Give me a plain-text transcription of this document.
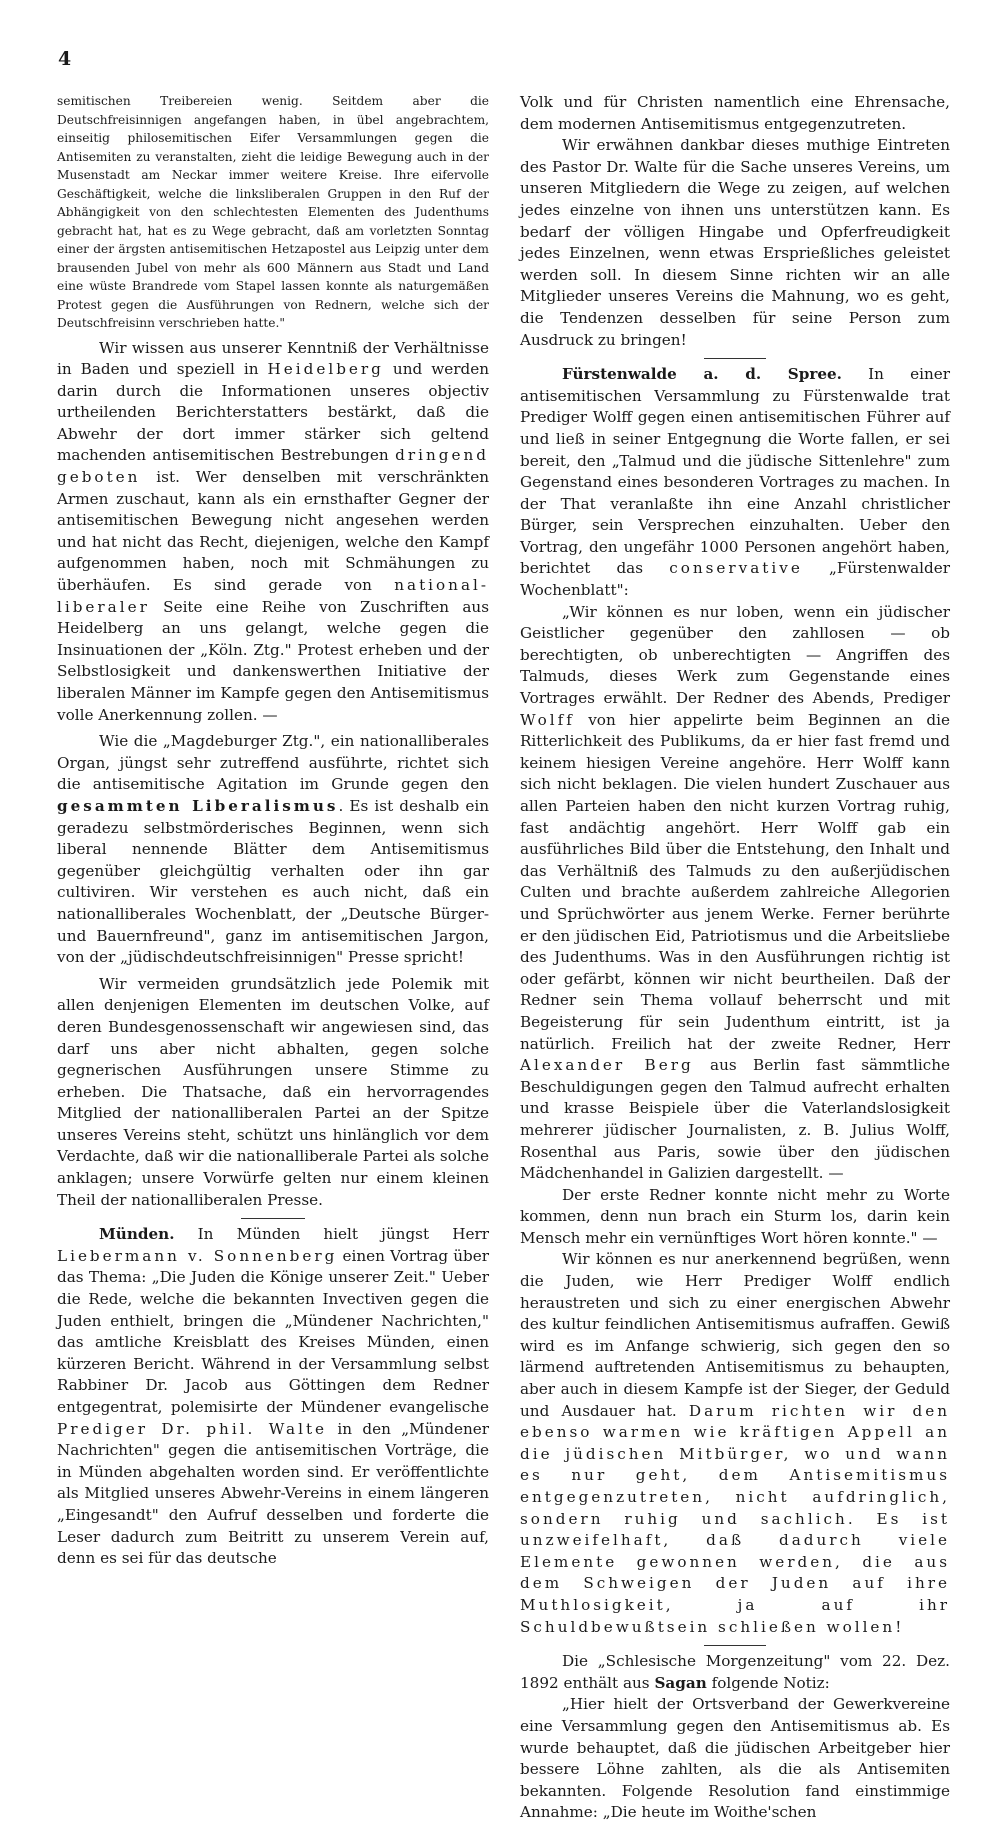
4

semitischen Treibereien wenig. Seitdem aber die Deutschfreisinnigen angefangen haben, in übel angebrachtem, einseitig philosemitischen Eifer Versammlungen gegen die Antisemiten zu veranstalten, zieht die leidige Bewegung auch in der Musenstadt am Neckar immer weitere Kreise. Ihre eifervolle Geschäftigkeit, welche die linksliberalen Gruppen in den Ruf der Abhängigkeit von den schlechtesten Elementen des Judenthums gebracht hat, hat es zu Wege gebracht, daß am vorletzten Sonntag einer der ärgsten antisemitischen Hetzapostel aus Leipzig unter dem brausenden Jubel von mehr als 600 Männern aus Stadt und Land eine wüste Brandrede vom Stapel lassen konnte als naturgemäßen Protest gegen die Ausführungen von Rednern, welche sich der Deutschfreisinn verschrieben hatte."

Wir wissen aus unserer Kenntniß der Verhältnisse in Baden und speziell in Heidelberg und werden darin durch die Informationen unseres objectiv urtheilenden Berichterstatters bestärkt, daß die Abwehr der dort immer stärker sich geltend machenden antisemitischen Bestrebungen dringend geboten ist. Wer denselben mit verschränkten Armen zuschaut, kann als ein ernsthafter Gegner der antisemitischen Bewegung nicht angesehen werden und hat nicht das Recht, diejenigen, welche den Kampf aufgenommen haben, noch mit Schmähungen zu überhäufen. Es sind gerade von national-liberaler Seite eine Reihe von Zuschriften aus Heidelberg an uns gelangt, welche gegen die Insinuationen der „Köln. Ztg." Protest erheben und der Selbstlosigkeit und dankenswerthen Initiative der liberalen Männer im Kampfe gegen den Antisemitismus volle Anerkennung zollen. —

Wie die „Magdeburger Ztg.", ein nationalliberales Organ, jüngst sehr zutreffend ausführte, richtet sich die antisemitische Agitation im Grunde gegen den gesammten Liberalismus. Es ist deshalb ein geradezu selbstmörderisches Beginnen, wenn sich liberal nennende Blätter dem Antisemitismus gegenüber gleichgültig verhalten oder ihn gar cultiviren. Wir verstehen es auch nicht, daß ein nationalliberales Wochenblatt, der „Deutsche Bürger- und Bauernfreund", ganz im antisemitischen Jargon, von der „jüdischdeutschfreisinnigen" Presse spricht!

Wir vermeiden grundsätzlich jede Polemik mit allen denjenigen Elementen im deutschen Volke, auf deren Bundesgenossenschaft wir angewiesen sind, das darf uns aber nicht abhalten, gegen solche gegnerischen Ausführungen unsere Stimme zu erheben. Die Thatsache, daß ein hervorragendes Mitglied der nationalliberalen Partei an der Spitze unseres Vereins steht, schützt uns hinlänglich vor dem Verdachte, daß wir die nationalliberale Partei als solche anklagen; unsere Vorwürfe gelten nur einem kleinen Theil der nationalliberalen Presse.

Münden. In Münden hielt jüngst Herr Liebermann v. Sonnenberg einen Vortrag über das Thema: „Die Juden die Könige unserer Zeit." Ueber die Rede, welche die bekannten Invectiven gegen die Juden enthielt, bringen die „Mündener Nachrichten," das amtliche Kreisblatt des Kreises Münden, einen kürzeren Bericht. Während in der Versammlung selbst Rabbiner Dr. Jacob aus Göttingen dem Redner entgegentrat, polemisirte der Mündener evangelische Prediger Dr. phil. Walte in den „Mündener Nachrichten" gegen die antisemitischen Vorträge, die in Münden abgehalten worden sind. Er veröffentlichte als Mitglied unseres Abwehr-Vereins in einem längeren „Eingesandt" den Aufruf desselben und forderte die Leser dadurch zum Beitritt zu unserem Verein auf, denn es sei für das deutsche

Volk und für Christen namentlich eine Ehrensache, dem modernen Antisemitismus entgegenzutreten.

Wir erwähnen dankbar dieses muthige Eintreten des Pastor Dr. Walte für die Sache unseres Vereins, um unseren Mitgliedern die Wege zu zeigen, auf welchen jedes einzelne von ihnen uns unterstützen kann. Es bedarf der völligen Hingabe und Opferfreudigkeit jedes Einzelnen, wenn etwas Ersprießliches geleistet werden soll. In diesem Sinne richten wir an alle Mitglieder unseres Vereins die Mahnung, wo es geht, die Tendenzen desselben für seine Person zum Ausdruck zu bringen!

Fürstenwalde a. d. Spree. In einer antisemitischen Versammlung zu Fürstenwalde trat Prediger Wolff gegen einen antisemitischen Führer auf und ließ in seiner Entgegnung die Worte fallen, er sei bereit, den „Talmud und die jüdische Sittenlehre" zum Gegenstand eines besonderen Vortrages zu machen. In der That veranlaßte ihn eine Anzahl christlicher Bürger, sein Versprechen einzuhalten. Ueber den Vortrag, den ungefähr 1000 Personen angehört haben, berichtet das conservative „Fürstenwalder Wochenblatt":

„Wir können es nur loben, wenn ein jüdischer Geistlicher gegenüber den zahllosen — ob berechtigten, ob unberechtigten — Angriffen des Talmuds, dieses Werk zum Gegenstande eines Vortrages erwählt. Der Redner des Abends, Prediger Wolff von hier appelirte beim Beginnen an die Ritterlichkeit des Publikums, da er hier fast fremd und keinem hiesigen Vereine angehöre. Herr Wolff kann sich nicht beklagen. Die vielen hundert Zuschauer aus allen Parteien haben den nicht kurzen Vortrag ruhig, fast andächtig angehört. Herr Wolff gab ein ausführliches Bild über die Entstehung, den Inhalt und das Verhältniß des Talmuds zu den außerjüdischen Culten und brachte außerdem zahlreiche Allegorien und Sprüchwörter aus jenem Werke. Ferner berührte er den jüdischen Eid, Patriotismus und die Arbeitsliebe des Judenthums. Was in den Ausführungen richtig ist oder gefärbt, können wir nicht beurtheilen. Daß der Redner sein Thema vollauf beherrscht und mit Begeisterung für sein Judenthum eintritt, ist ja natürlich. Freilich hat der zweite Redner, Herr Alexander Berg aus Berlin fast sämmtliche Beschuldigungen gegen den Talmud aufrecht erhalten und krasse Beispiele über die Vaterlandslosigkeit mehrerer jüdischer Journalisten, z. B. Julius Wolff, Rosenthal aus Paris, sowie über den jüdischen Mädchenhandel in Galizien dargestellt. —

Der erste Redner konnte nicht mehr zu Worte kommen, denn nun brach ein Sturm los, darin kein Mensch mehr ein vernünftiges Wort hören konnte." —

Wir können es nur anerkennend begrüßen, wenn die Juden, wie Herr Prediger Wolff endlich heraustreten und sich zu einer energischen Abwehr des kultur feindlichen Antisemitismus aufraffen. Gewiß wird es im Anfange schwierig, sich gegen den so lärmend auftretenden Antisemitismus zu behaupten, aber auch in diesem Kampfe ist der Sieger, der Geduld und Ausdauer hat. Darum richten wir den ebenso warmen wie kräftigen Appell an die jüdischen Mitbürger, wo und wann es nur geht, dem Antisemitismus entgegenzutreten, nicht aufdringlich, sondern ruhig und sachlich. Es ist unzweifelhaft, daß dadurch viele Elemente gewonnen werden, die aus dem Schweigen der Juden auf ihre Muthlosigkeit, ja auf ihr Schuldbewußtsein schließen wollen!

Die „Schlesische Morgenzeitung" vom 22. Dez. 1892 enthält aus Sagan folgende Notiz:

„Hier hielt der Ortsverband der Gewerkvereine eine Versammlung gegen den Antisemitismus ab. Es wurde behauptet, daß die jüdischen Arbeitgeber hier bessere Löhne zahlten, als die als Antisemiten bekannten. Folgende Resolution fand einstimmige Annahme: „Die heute im Woithe'schen
